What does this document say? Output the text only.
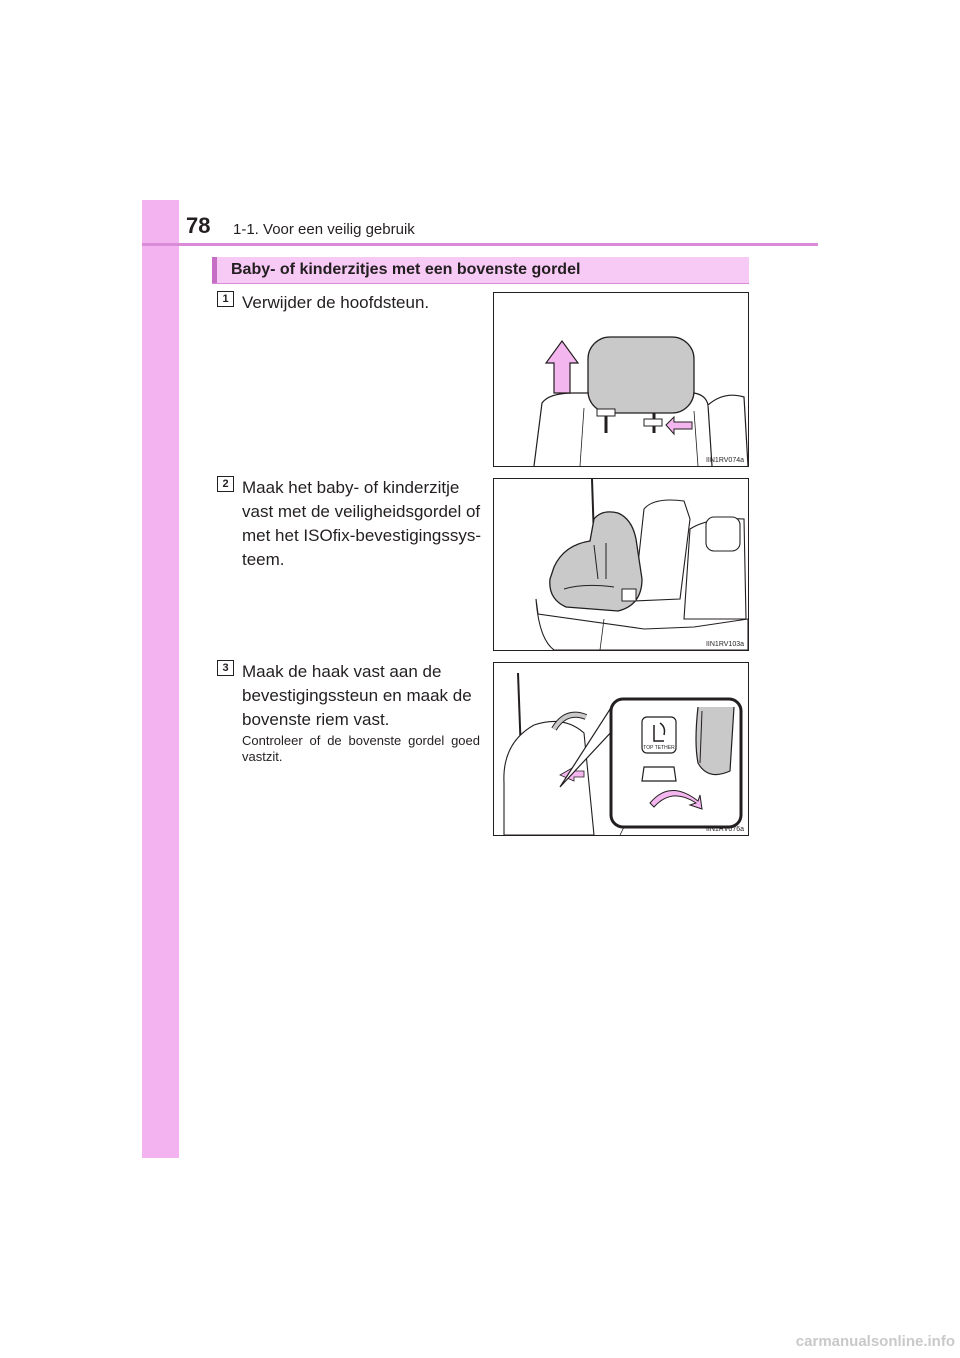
78 1-1. Voor een veilig gebruik
Baby- of kinderzitjes met een bovenste gordel
1 Verwijder de hoofdsteun.
IIN1RV074a
2 Maak het baby- of kinderzitje vast met de veiligheidsgordel of met het ISOfix-bevestigingssys-teem.
IIN1RV103a
3 Maak de haak vast aan de bevestigingssteun en maak de bovenste riem vast.
Controleer of de bovenste gordel goed vastzit.
TOP TETHER
IIN1RV076a
carmanualsonline.info
